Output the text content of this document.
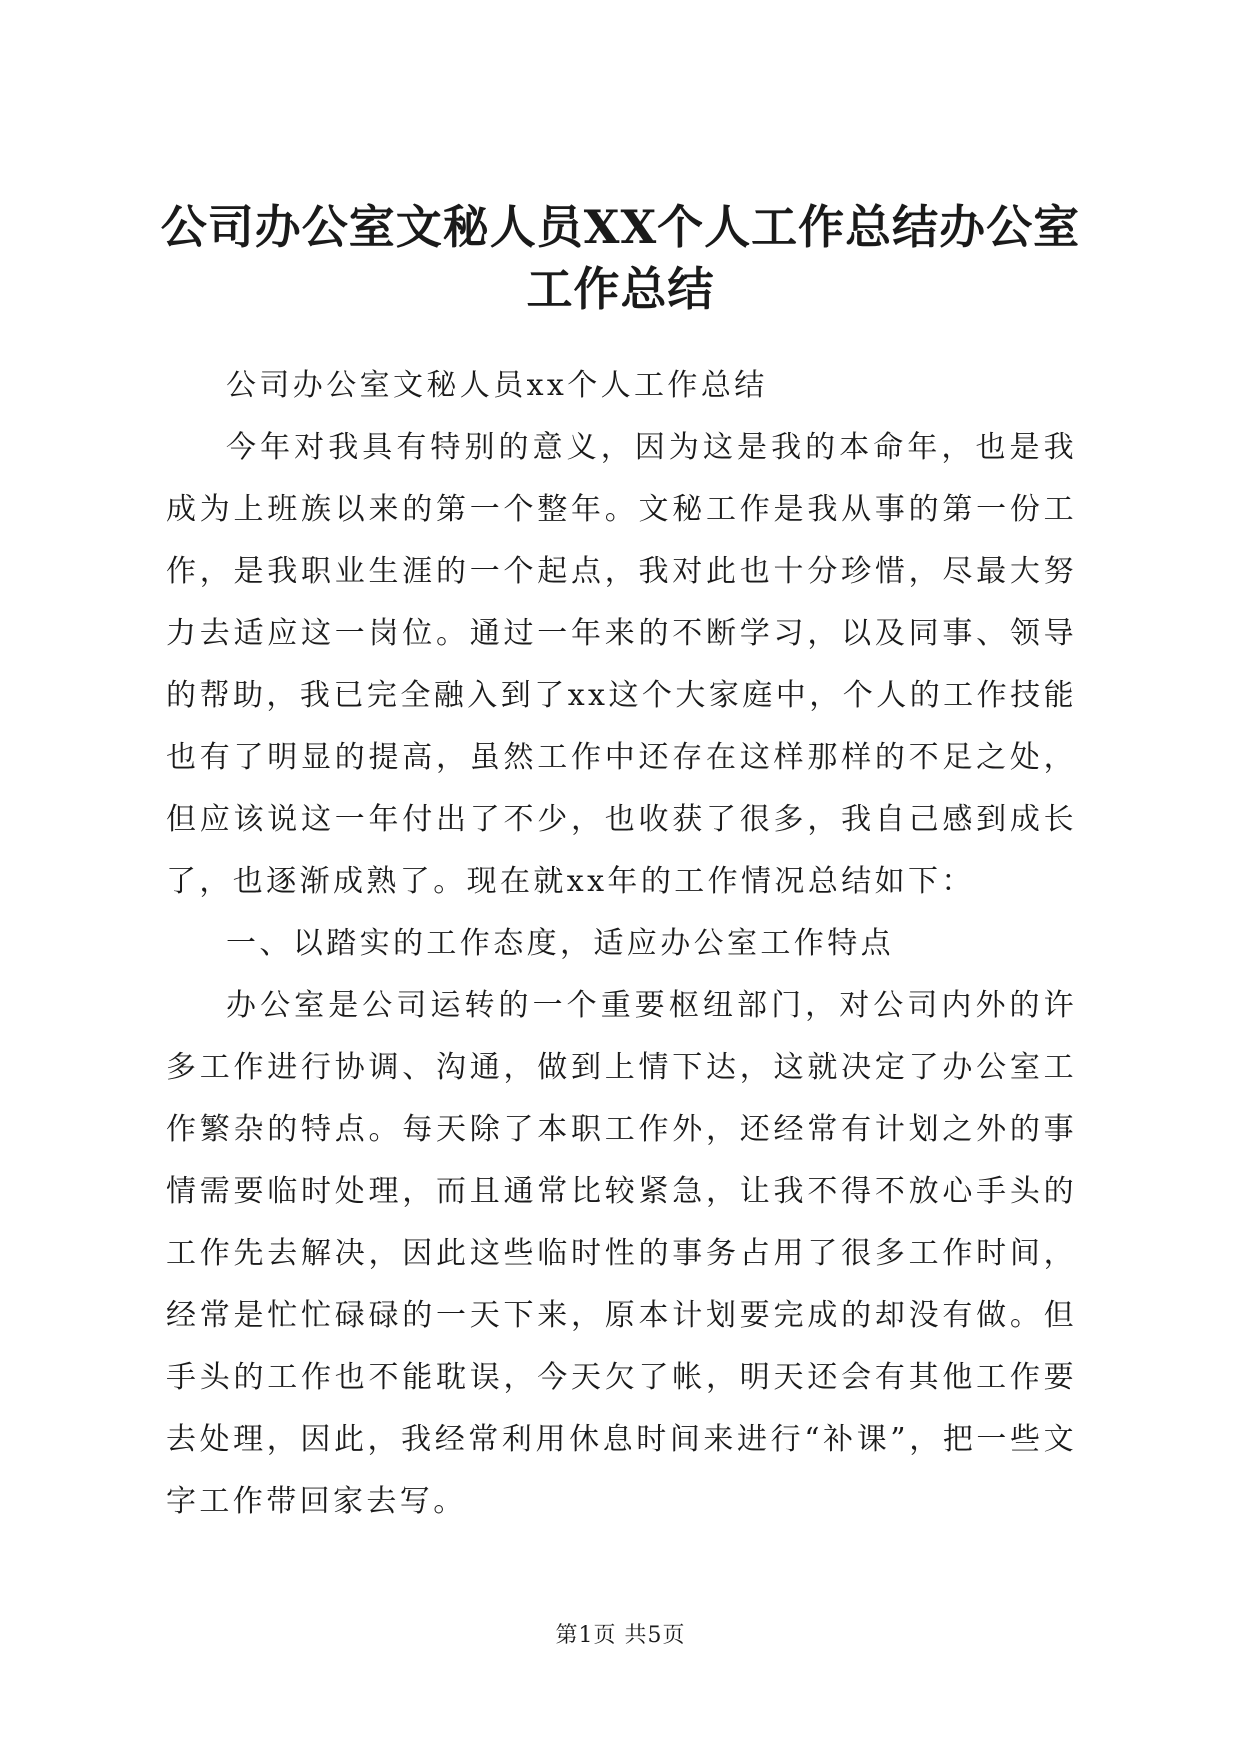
公司办公室文秘人员XX个人工作总结办公室
工作总结

公司办公室文秘人员xx个人工作总结

今年对我具有特别的意义，因为这是我的本命年，也是我成为上班族以来的第一个整年。文秘工作是我从事的第一份工作，是我职业生涯的一个起点，我对此也十分珍惜，尽最大努力去适应这一岗位。通过一年来的不断学习，以及同事、领导的帮助，我已完全融入到了xx这个大家庭中，个人的工作技能也有了明显的提高，虽然工作中还存在这样那样的不足之处，但应该说这一年付出了不少，也收获了很多，我自己感到成长了，也逐渐成熟了。现在就xx年的工作情况总结如下：

一、以踏实的工作态度，适应办公室工作特点

办公室是公司运转的一个重要枢纽部门，对公司内外的许多工作进行协调、沟通，做到上情下达，这就决定了办公室工作繁杂的特点。每天除了本职工作外，还经常有计划之外的事情需要临时处理，而且通常比较紧急，让我不得不放心手头的工作先去解决，因此这些临时性的事务占用了很多工作时间，经常是忙忙碌碌的一天下来，原本计划要完成的却没有做。但手头的工作也不能耽误，今天欠了帐，明天还会有其他工作要去处理，因此，我经常利用休息时间来进行“补课”，把一些文字工作带回家去写。

第1页 共5页
